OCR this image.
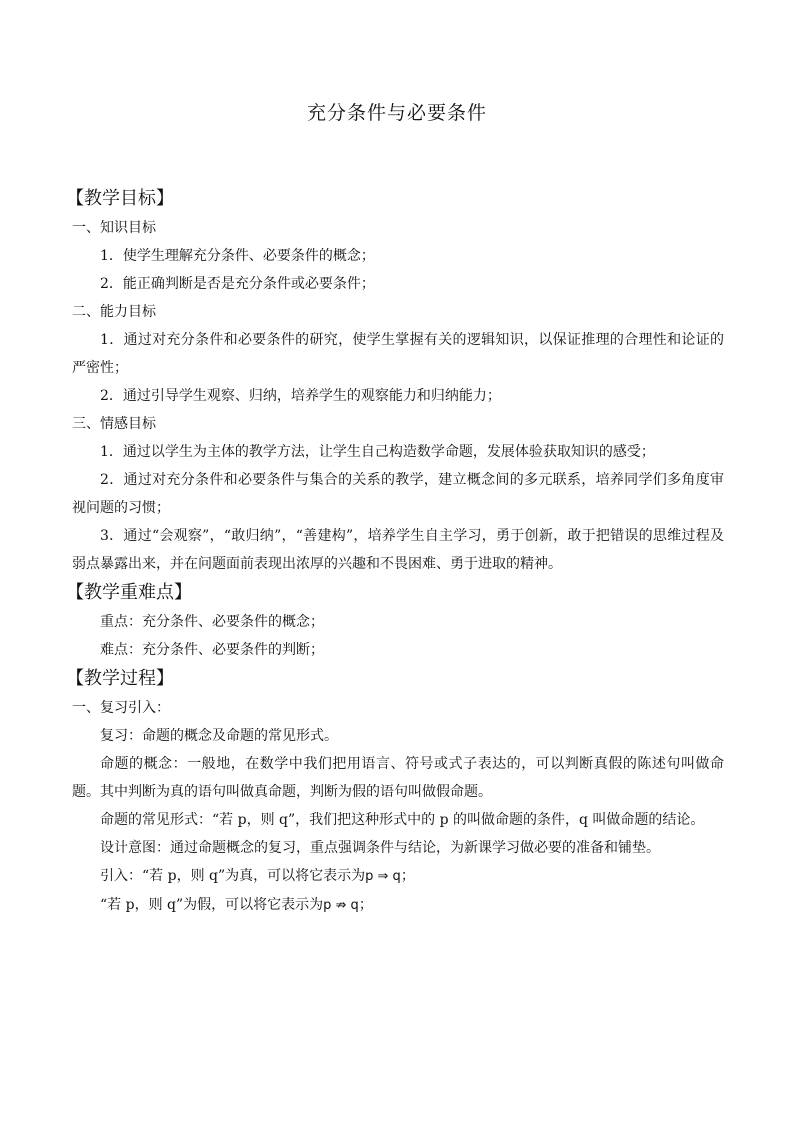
充分条件与必要条件
【教学目标】
一、知识目标
1．使学生理解充分条件、必要条件的概念；
2．能正确判断是否是充分条件或必要条件；
二、能力目标
1．通过对充分条件和必要条件的研究，使学生掌握有关的逻辑知识，以保证推理的合理性和论证的严密性；
2．通过引导学生观察、归纳，培养学生的观察能力和归纳能力；
三、情感目标
1．通过以学生为主体的教学方法，让学生自己构造数学命题，发展体验获取知识的感受；
2．通过对充分条件和必要条件与集合的关系的教学，建立概念间的多元联系，培养同学们多角度审视问题的习惯；
3．通过“会观察”，“敢归纳”，“善建构”，培养学生自主学习，勇于创新，敢于把错误的思维过程及弱点暴露出来，并在问题面前表现出浓厚的兴趣和不畏困难、勇于进取的精神。
【教学重难点】
重点：充分条件、必要条件的概念；
难点：充分条件、必要条件的判断；
【教学过程】
一、复习引入：
复习：命题的概念及命题的常见形式。
命题的概念：一般地，在数学中我们把用语言、符号或式子表达的，可以判断真假的陈述句叫做命题。其中判断为真的语句叫做真命题，判断为假的语句叫做假命题。
命题的常见形式：“若 p，则 q”，我们把这种形式中的 p 的叫做命题的条件，q 叫做命题的结论。
设计意图：通过命题概念的复习，重点强调条件与结论，为新课学习做必要的准备和铺垫。
引入：“若 p，则 q”为真，可以将它表示为p ⇒ q；
“若 p，则 q”为假，可以将它表示为p ⇏ q；
